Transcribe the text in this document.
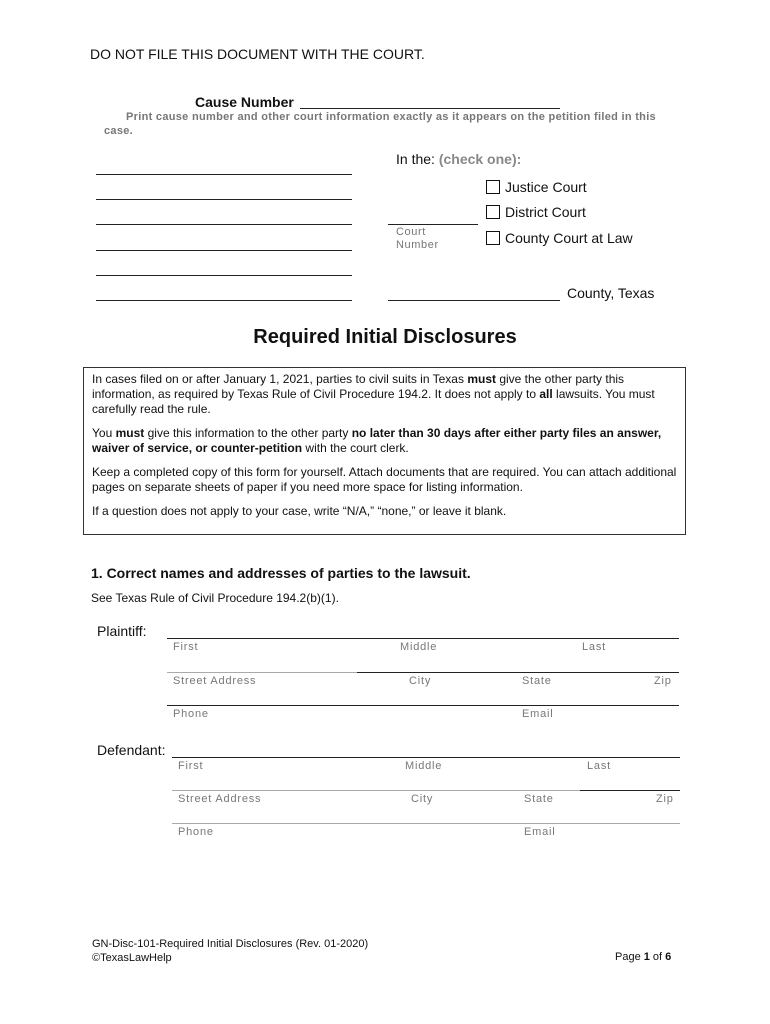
DO NOT FILE THIS DOCUMENT WITH THE COURT.
Cause Number
Print cause number and other court information exactly as it appears on the petition filed in this
case.
In the: (check one):
Justice Court
District Court
Court
Number	County Court at Law
County, Texas
Required Initial Disclosures

In cases filed on or after January 1, 2021, parties to civil suits in Texas must give the other party this information, as required by Texas Rule of Civil Procedure 194.2. It does not apply to all lawsuits. You must carefully read the rule.

You must give this information to the other party no later than 30 days after either party files an answer, waiver of service, or counter-petition with the court clerk.

Keep a completed copy of this form for yourself. Attach documents that are required. You can attach additional pages on separate sheets of paper if you need more space for listing information.

If a question does not apply to your case, write “N/A,” “none,” or leave it blank.

1. Correct names and addresses of parties to the lawsuit.
See Texas Rule of Civil Procedure 194.2(b)(1).
Plaintiff:
First	Middle	Last
Street Address	City	State	Zip
Phone	Email
Defendant:
First	Middle	Last
Street Address	City	State	Zip
Phone	Email
GN-Disc-101-Required Initial Disclosures (Rev. 01-2020)
©TexasLawHelp	Page 1 of 6
